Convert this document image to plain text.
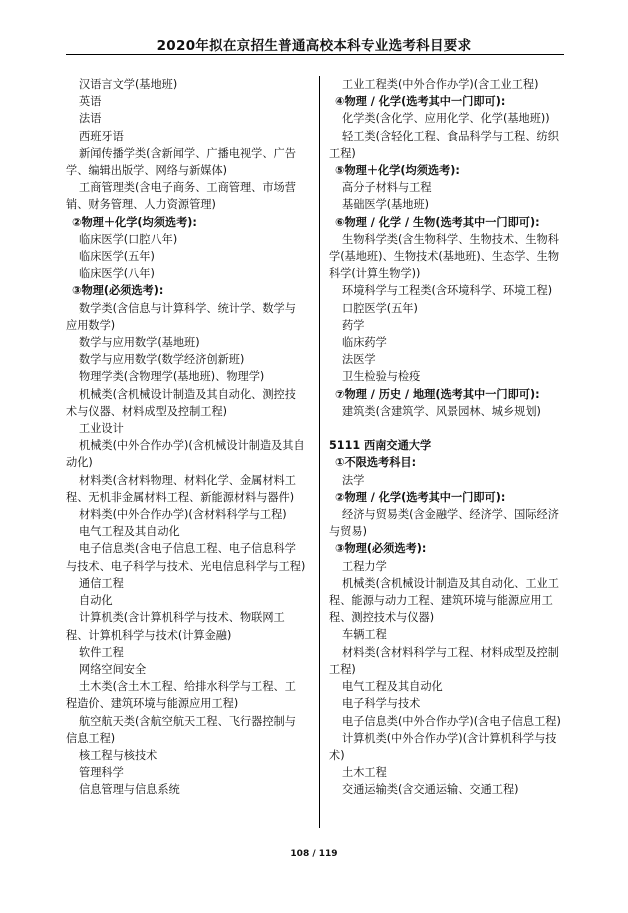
2020年拟在京招生普通高校本科专业选考科目要求
汉语言文学(基地班)
英语
法语
西班牙语
新闻传播学类(含新闻学、广播电视学、广告学、编辑出版学、网络与新媒体)
工商管理类(含电子商务、工商管理、市场营销、财务管理、人力资源管理)
②物理＋化学(均须选考):
临床医学(口腔八年)
临床医学(五年)
临床医学(八年)
③物理(必须选考):
数学类(含信息与计算科学、统计学、数学与应用数学)
数学与应用数学(基地班)
数学与应用数学(数学经济创新班)
物理学类(含物理学(基地班)、物理学)
机械类(含机械设计制造及其自动化、测控技术与仪器、材料成型及控制工程)
工业设计
机械类(中外合作办学)(含机械设计制造及其自动化)
材料类(含材料物理、材料化学、金属材料工程、无机非金属材料工程、新能源材料与器件)
材料类(中外合作办学)(含材料科学与工程)
电气工程及其自动化
电子信息类(含电子信息工程、电子信息科学与技术、电子科学与技术、光电信息科学与工程)
通信工程
自动化
计算机类(含计算机科学与技术、物联网工程、计算机科学与技术(计算金融)
软件工程
网络空间安全
土木类(含土木工程、给排水科学与工程、工程造价、建筑环境与能源应用工程)
航空航天类(含航空航天工程、飞行器控制与信息工程)
核工程与核技术
管理科学
信息管理与信息系统
工业工程类(中外合作办学)(含工业工程)
④物理 / 化学(选考其中一门即可):
化学类(含化学、应用化学、化学(基地班))
轻工类(含轻化工程、食品科学与工程、纺织工程)
⑤物理＋化学(均须选考):
高分子材料与工程
基础医学(基地班)
⑥物理 / 化学 / 生物(选考其中一门即可):
生物科学类(含生物科学、生物技术、生物科学(基地班)、生物技术(基地班)、生态学、生物科学(计算生物学))
环境科学与工程类(含环境科学、环境工程)
口腔医学(五年)
药学
临床药学
法医学
卫生检验与检疫
⑦物理 / 历史 / 地理(选考其中一门即可):
建筑类(含建筑学、风景园林、城乡规划)
5111 西南交通大学
①不限选考科目:
法学
②物理 / 化学(选考其中一门即可):
经济与贸易类(含金融学、经济学、国际经济与贸易)
③物理(必须选考):
工程力学
机械类(含机械设计制造及其自动化、工业工程、能源与动力工程、建筑环境与能源应用工程、测控技术与仪器)
车辆工程
材料类(含材料科学与工程、材料成型及控制工程)
电气工程及其自动化
电子科学与技术
电子信息类(中外合作办学)(含电子信息工程)
计算机类(中外合作办学)(含计算机科学与技术)
土木工程
交通运输类(含交通运输、交通工程)
108 / 119
